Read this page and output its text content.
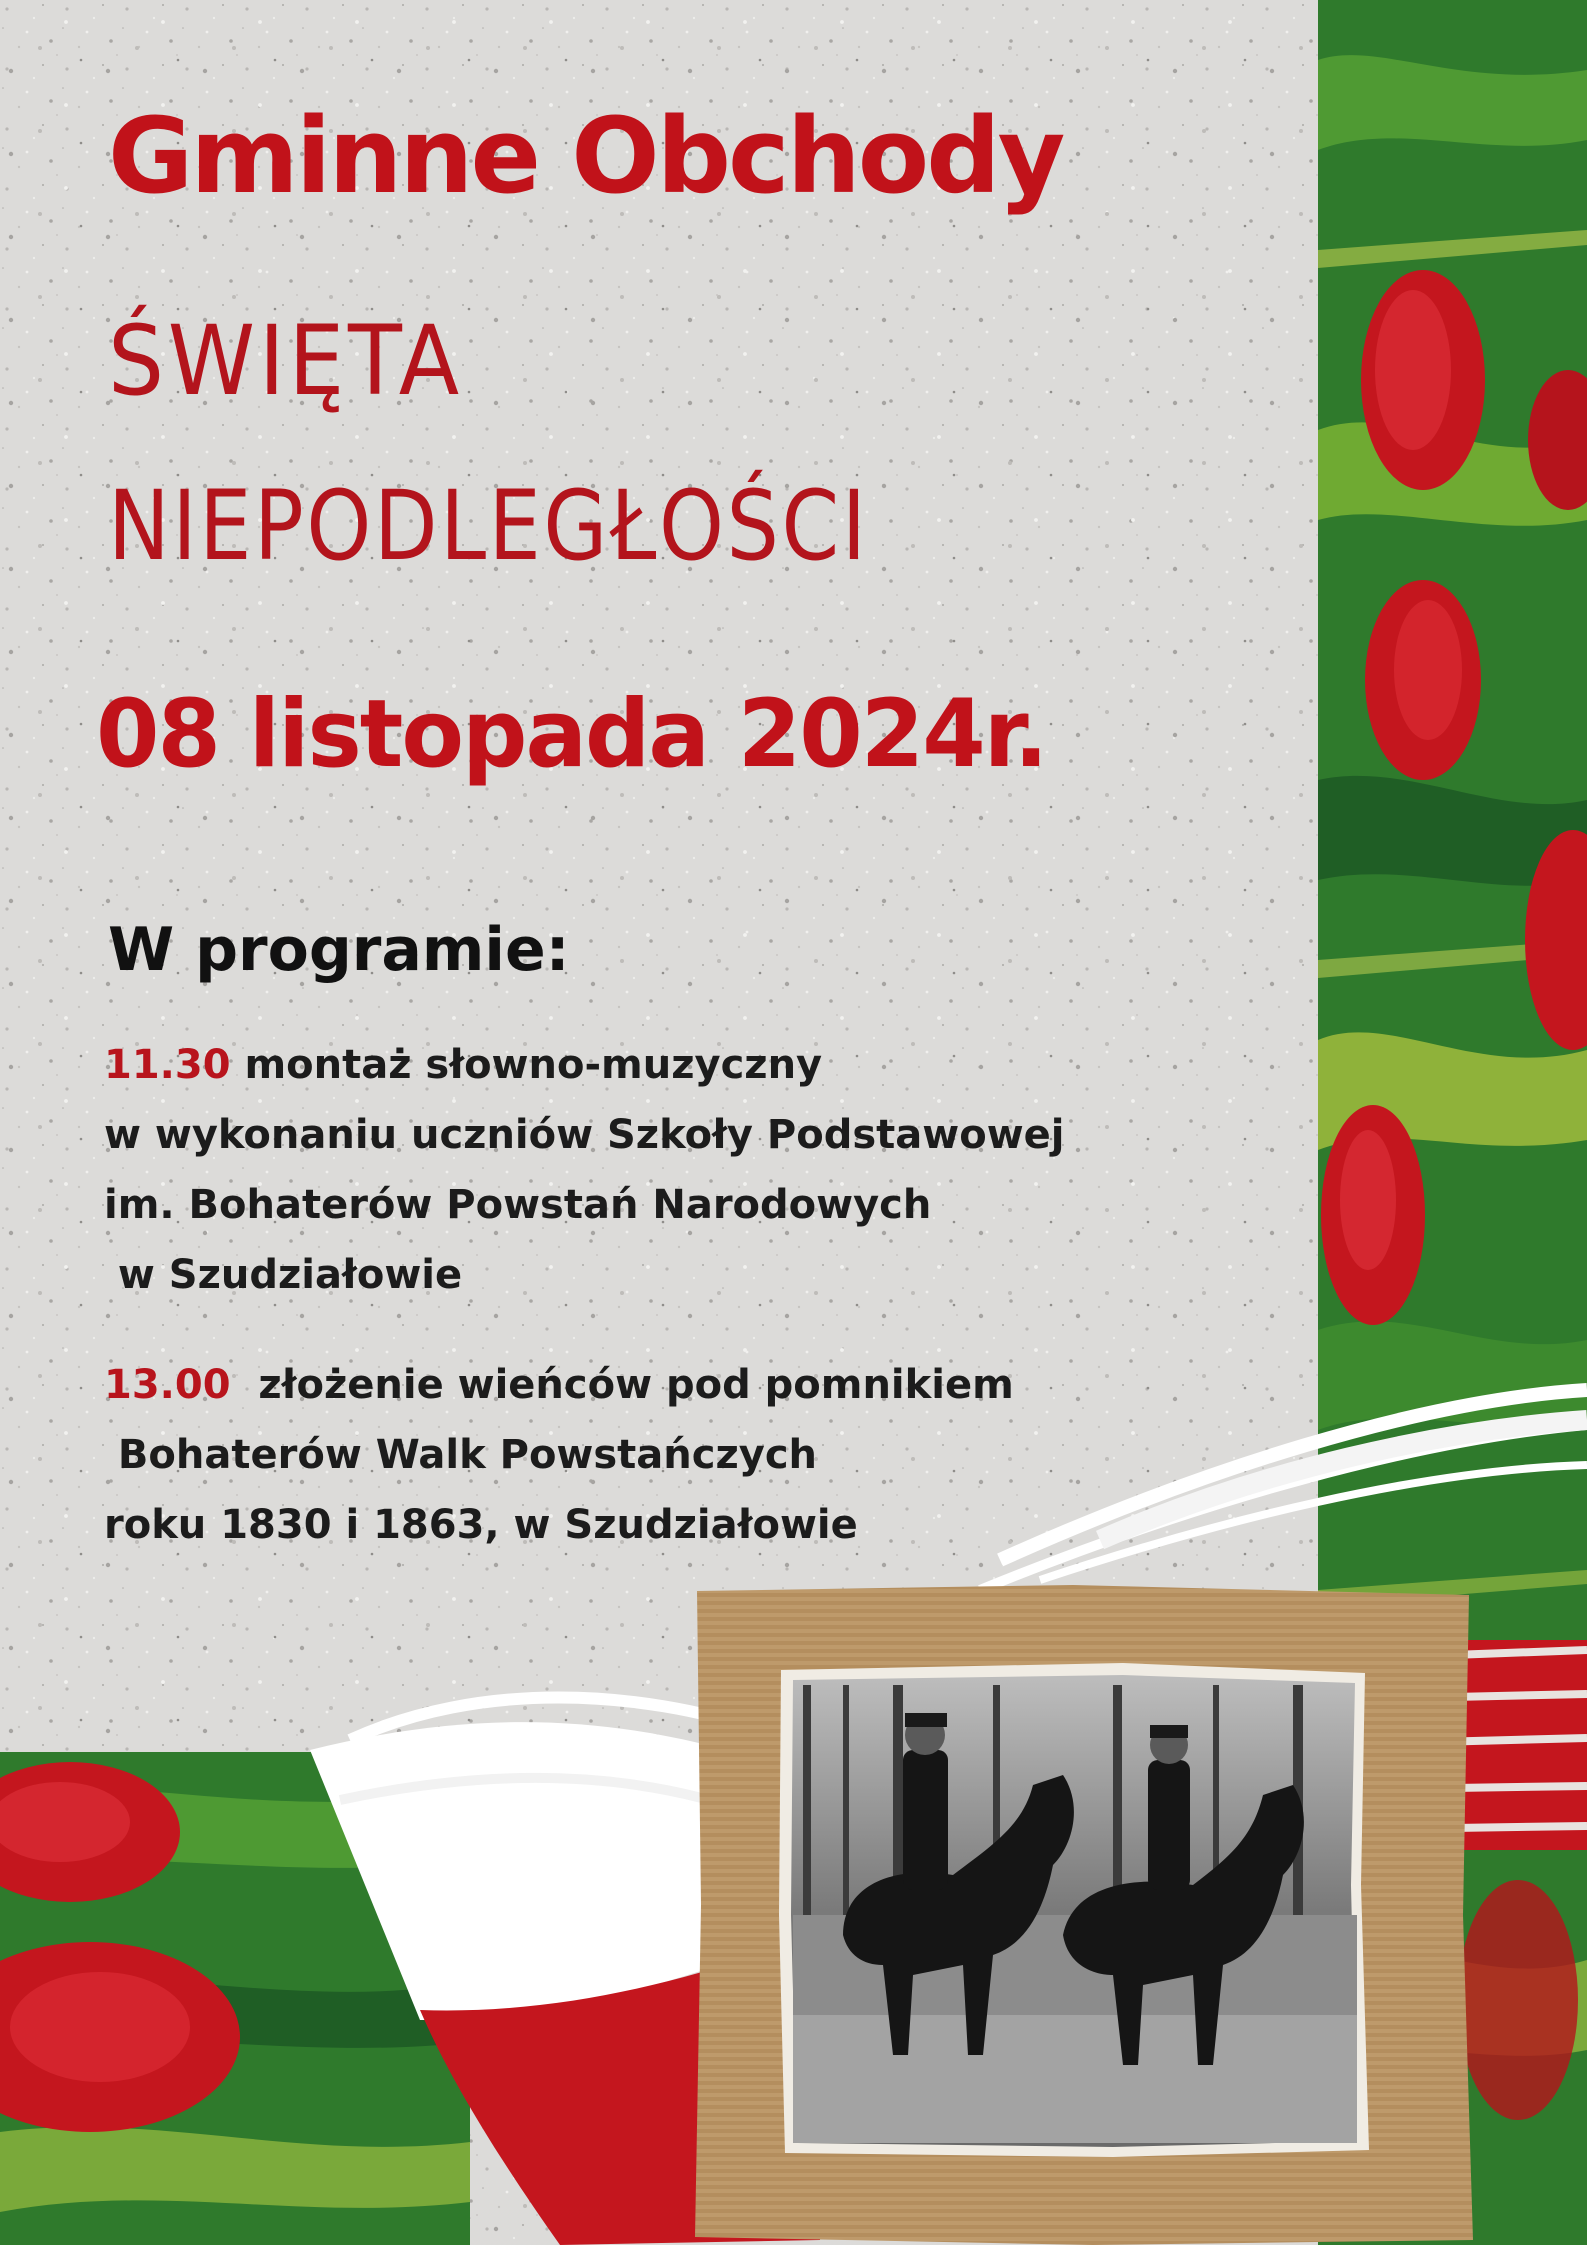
Gminne Obchody
ŚWIĘTA
NIEPODLEGŁOŚCI
08 listopada 2024r.
W programie:
11.30 montaż słowno-muzyczny
w wykonaniu uczniów Szkoły Podstawowej
im. Bohaterów Powstań Narodowych
w Szudziałowie
13.00  złożenie wieńców pod pomnikiem
Bohaterów Walk Powstańczych
roku 1830 i 1863, w Szudziałowie
